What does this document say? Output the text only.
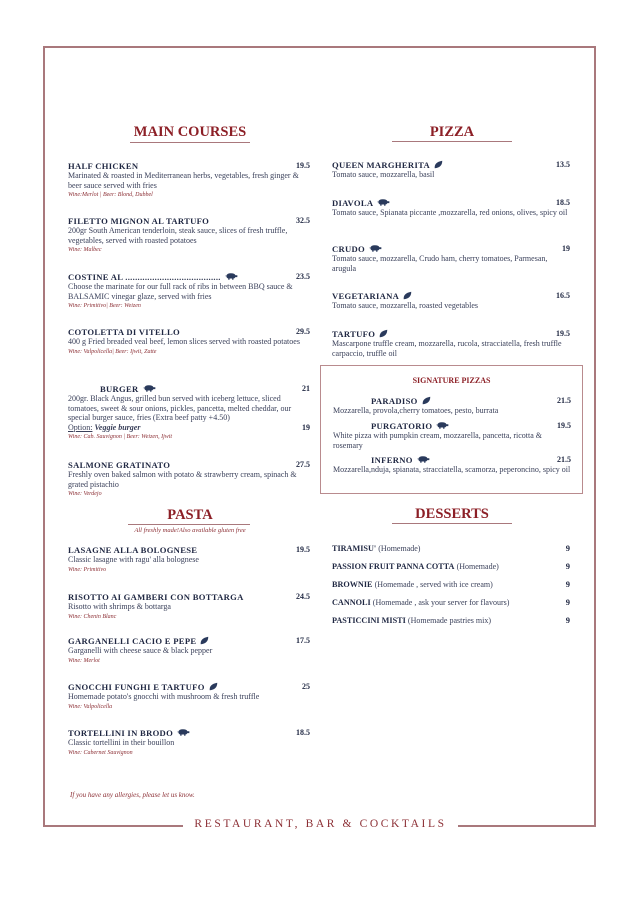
RESTAURANT, BAR & COCKTAILS
If you have any allergies, please let us know.
MAIN COURSES
HALF CHICKEN	19.5
Marinated & roasted in Mediterranean herbs, vegetables, fresh ginger & beer sauce served with fries
Wine:Merlot | Beer: Blond, Dubbel
FILETTO MIGNON AL TARTUFO	32.5
200gr South American tenderloin, steak sauce, slices of fresh truffle, vegetables, served with roasted potatoes
Wine: Malbec
COSTINE AL .......................................	23.5
Choose the marinate for our full rack of ribs in between BBQ sauce & BALSAMIC vinegar glaze, served with fries
Wine: Primitivo| Beer: Weizen
COTOLETTA DI VITELLO	29.5
400 g Fried breaded veal beef, lemon slices served with roasted potatoes
Wine: Valpolicella| Beer: Ijwit, Zatte
BURGER	21
200gr. Black Angus, grilled bun served with iceberg lettuce, sliced tomatoes, sweet & sour onions, pickles, pancetta, melted cheddar, our special burger sauce, fries (Extra beef patty +4.50)
Option: Veggie burger	19
Wine: Cab. Sauvignon | Beer: Weizen, Ijwit
SALMONE GRATINATO	27.5
Freshly oven baked salmon with potato & strawberry cream, spinach & grated pistachio
Wine: Verdejo
PASTA
All freshly made!Also available gluten free
LASAGNE ALLA BOLOGNESE	19.5
Classic lasagne with ragu' alla bolognese
Wine: Primitivo
RISOTTO AI GAMBERI CON BOTTARGA	24.5
Risotto with shrimps & bottarga
Wine: Chenin Blanc
GARGANELLI CACIO E PEPE	17.5
Garganelli with cheese sauce & black pepper
Wine: Merlot
GNOCCHI FUNGHI E TARTUFO	25
Homemade potato's gnocchi with mushroom & fresh truffle
Wine: Valpolicella
TORTELLINI IN BRODO	18.5
Classic tortellini in their bouillon
Wine: Cabernet Sauvignon
PIZZA
QUEEN MARGHERITA	13.5
Tomato sauce, mozzarella, basil
DIAVOLA	18.5
Tomato sauce, Spianata piccante ,mozzarella, red onions, olives, spicy oil
CRUDO	19
Tomato sauce, mozzarella, Crudo ham, cherry tomatoes, Parmesan, arugula
VEGETARIANA	16.5
Tomato sauce, mozzarella, roasted vegetables
TARTUFO	19.5
Mascarpone truffle cream, mozzarella, rucola, stracciatella, fresh truffle carpaccio, truffle oil
SIGNATURE PIZZAS
PARADISO	21.5
Mozzarella, provola,cherry tomatoes, pesto, burrata
PURGATORIO	19.5
White pizza with pumpkin cream, mozzarella, pancetta, ricotta & rosemary
INFERNO	21.5
Mozzarella,nduja, spianata, stracciatella, scamorza, peperoncino, spicy oil
DESSERTS
TIRAMISU' (Homemade)	9
PASSION FRUIT PANNA COTTA (Homemade)	9
BROWNIE (Homemade , served with ice cream)	9
CANNOLI (Homemade , ask your server for flavours)	9
PASTICCINI MISTI (Homemade pastries mix)	9
